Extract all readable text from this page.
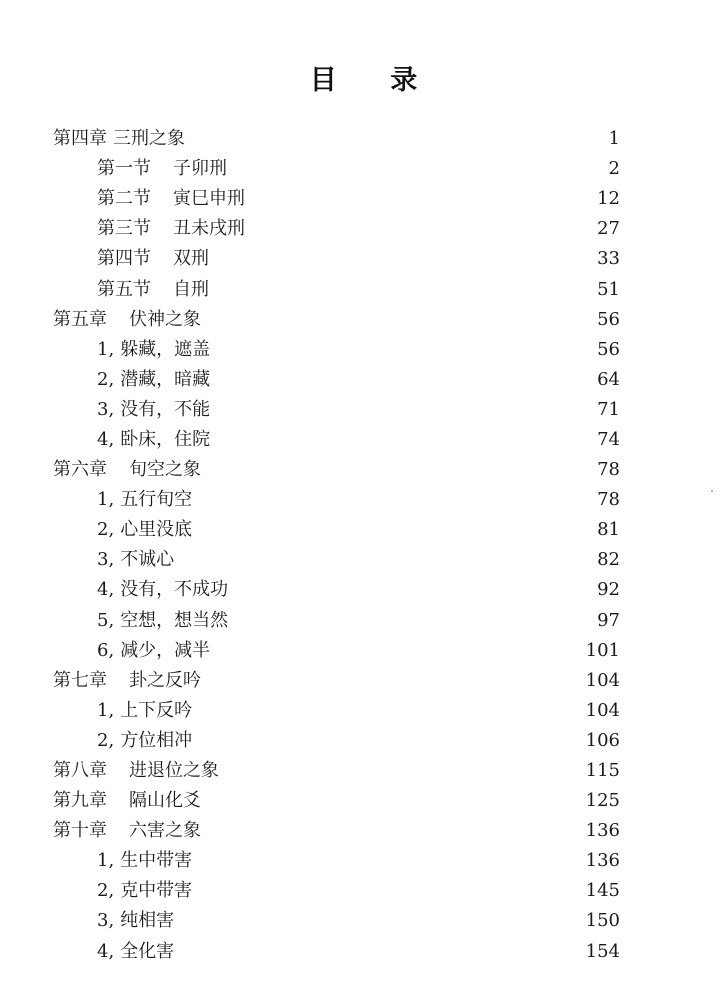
目 录
第四章 三刑之象	1
第一节 子卯刑	2
第二节 寅巳申刑	12
第三节 丑未戌刑	27
第四节 双刑	33
第五节 自刑	51
第五章 伏神之象	56
1, 躲藏，遮盖	56
2, 潜藏，暗藏	64
3, 没有，不能	71
4, 卧床，住院	74
第六章 旬空之象	78
1, 五行旬空	78
2, 心里没底	81
3, 不诚心	82
4, 没有，不成功	92
5, 空想，想当然	97
6, 减少，减半	101
第七章 卦之反吟	104
1, 上下反吟	104
2, 方位相冲	106
第八章 进退位之象	115
第九章 隔山化爻	125
第十章 六害之象	136
1, 生中带害	136
2, 克中带害	145
3, 纯相害	150
4, 全化害	154
